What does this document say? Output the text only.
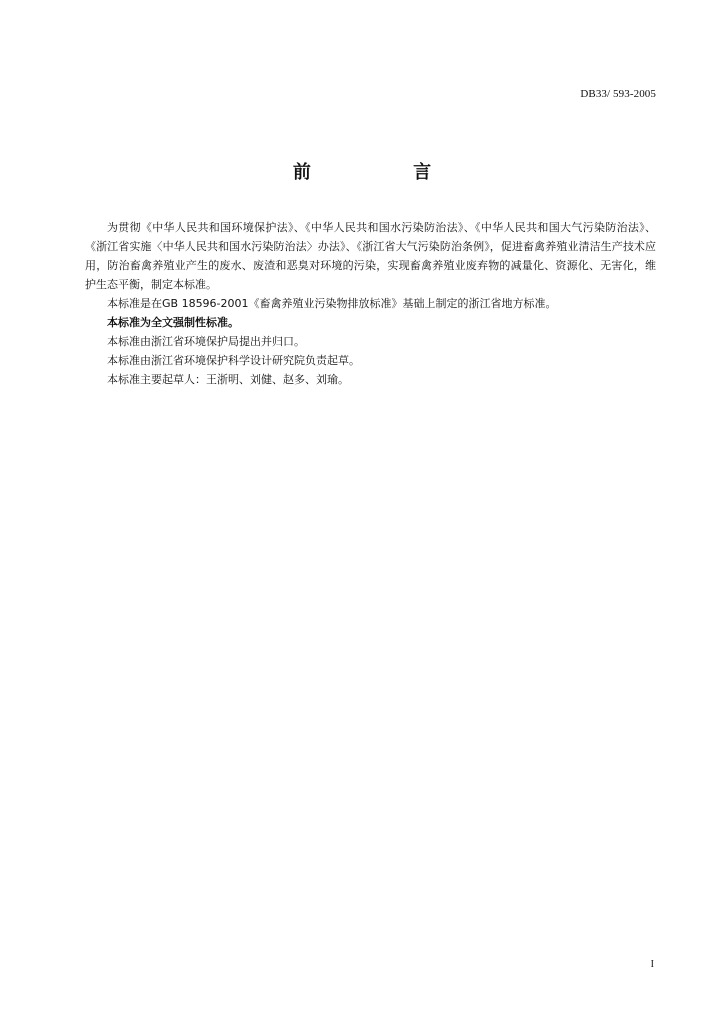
DB33/ 593-2005
前 言

为贯彻《中华人民共和国环境保护法》、《中华人民共和国水污染防治法》、《中华人民共和国大气污染防治法》、《浙江省实施〈中华人民共和国水污染防治法〉办法》、《浙江省大气污染防治条例》，促进畜禽养殖业清洁生产技术应用，防治畜禽养殖业产生的废水、废渣和恶臭对环境的污染，实现畜禽养殖业废弃物的减量化、资源化、无害化，维护生态平衡，制定本标准。

本标准是在GB 18596-2001《畜禽养殖业污染物排放标准》基础上制定的浙江省地方标准。

本标准为全文强制性标准。

本标准由浙江省环境保护局提出并归口。

本标准由浙江省环境保护科学设计研究院负责起草。

本标准主要起草人：王浙明、刘健、赵多、刘瑜。

I
